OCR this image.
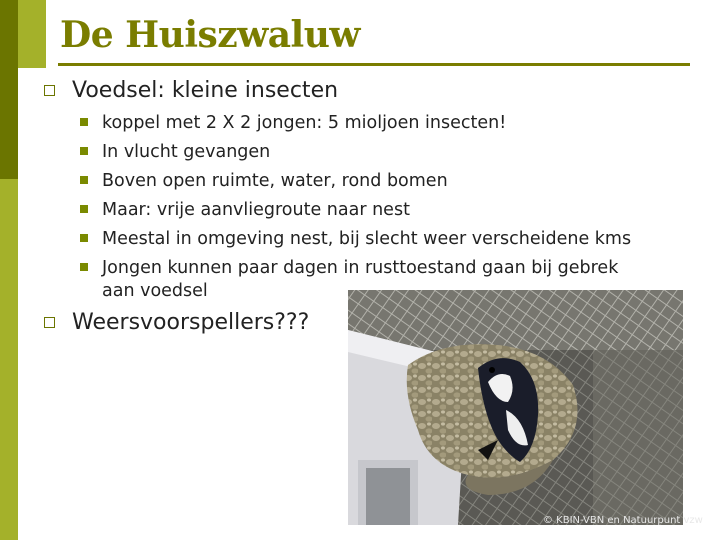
De Huiszwaluw
Voedsel: kleine insecten
koppel met 2 X 2 jongen: 5 mioljoen insecten!
In vlucht gevangen
Boven open ruimte, water, rond bomen
Maar: vrije aanvliegroute naar nest
Meestal in omgeving nest, bij slecht weer verscheidene kms
Jongen kunnen paar dagen in rusttoestand gaan bij gebrek
aan voedsel
Weersvoorspellers???
© KBIN-VBN en Natuurpunt vzw
